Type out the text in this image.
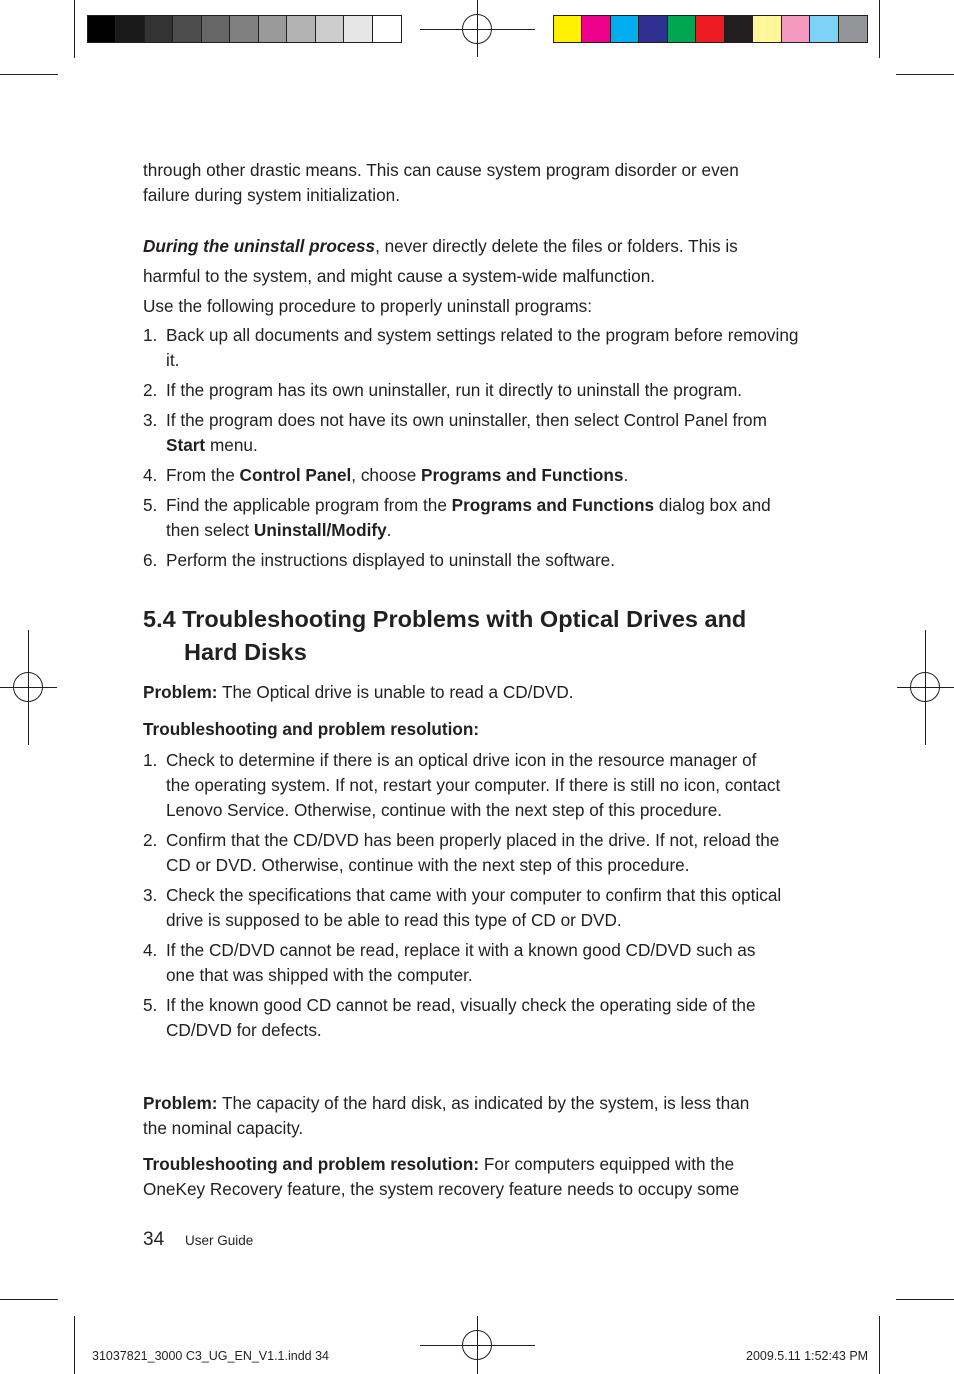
through other drastic means. This can cause system program disorder or even failure during system initialization.

During the uninstall process, never directly delete the files or folders. This is harmful to the system, and might cause a system-wide malfunction.

Use the following procedure to properly uninstall programs:

1. Back up all documents and system settings related to the program before removing it.
2. If the program has its own uninstaller, run it directly to uninstall the program.
3. If the program does not have its own uninstaller, then select Control Panel from Start menu.
4. From the Control Panel, choose Programs and Functions.
5. Find the applicable program from the Programs and Functions dialog box and then select Uninstall/Modify.
6. Perform the instructions displayed to uninstall the software.
5.4 Troubleshooting Problems with Optical Drives and
Hard Disks

Problem: The Optical drive is unable to read a CD/DVD.

Troubleshooting and problem resolution:

1. Check to determine if there is an optical drive icon in the resource manager of the operating system. If not, restart your computer. If there is still no icon, contact Lenovo Service. Otherwise, continue with the next step of this procedure.
2. Confirm that the CD/DVD has been properly placed in the drive. If not, reload the CD or DVD. Otherwise, continue with the next step of this procedure.
3. Check the specifications that came with your computer to confirm that this optical drive is supposed to be able to read this type of CD or DVD.
4. If the CD/DVD cannot be read, replace it with a known good CD/DVD such as one that was shipped with the computer.
5. If the known good CD cannot be read, visually check the operating side of the CD/DVD for defects.

Problem: The capacity of the hard disk, as indicated by the system, is less than the nominal capacity.

Troubleshooting and problem resolution: For computers equipped with the OneKey Recovery feature, the system recovery feature needs to occupy some

34 User Guide
31037821_3000 C3_UG_EN_V1.1.indd 34	2009.5.11 1:52:43 PM
